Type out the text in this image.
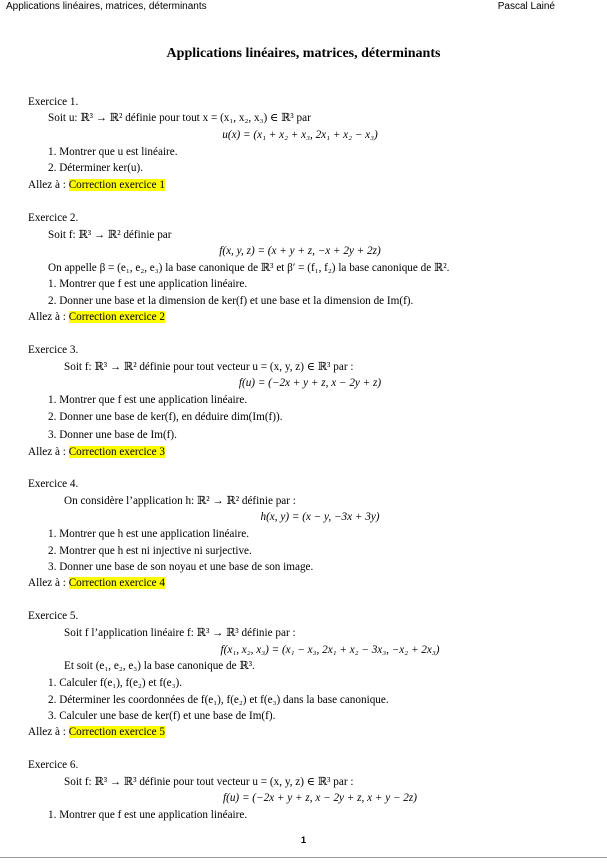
Applications linéaires, matrices, déterminants	Pascal Lainé
Applications linéaires, matrices, déterminants
Exercice 1.
Soit u: ℝ³ → ℝ² définie pour tout x = (x₁, x₂, x₃) ∈ ℝ³ par
u(x) = (x₁ + x₂ + x₃, 2x₁ + x₂ − x₃)
1. Montrer que u est linéaire.
2. Déterminer ker(u).
Allez à : Correction exercice 1
Exercice 2.
Soit f: ℝ³ → ℝ² définie par
f(x, y, z) = (x + y + z, −x + 2y + 2z)
On appelle β = (e₁, e₂, e₃) la base canonique de ℝ³ et β′ = (f₁, f₂) la base canonique de ℝ².
1. Montrer que f est une application linéaire.
2. Donner une base et la dimension de ker(f) et une base et la dimension de Im(f).
Allez à : Correction exercice 2
Exercice 3.
Soit f: ℝ³ → ℝ² définie pour tout vecteur u = (x, y, z) ∈ ℝ³ par :
f(u) = (−2x + y + z, x − 2y + z)
1. Montrer que f est une application linéaire.
2. Donner une base de ker(f), en déduire dim(Im(f)).
3. Donner une base de Im(f).
Allez à : Correction exercice 3
Exercice 4.
On considère l’application h: ℝ² → ℝ² définie par :
h(x, y) = (x − y, −3x + 3y)
1. Montrer que h est une application linéaire.
2. Montrer que h est ni injective ni surjective.
3. Donner une base de son noyau et une base de son image.
Allez à : Correction exercice 4
Exercice 5.
Soit f l’application linéaire f: ℝ³ → ℝ³ définie par :
f(x₁, x₂, x₃) = (x₁ − x₃, 2x₁ + x₂ − 3x₃, −x₂ + 2x₃)
Et soit (e₁, e₂, e₃) la base canonique de ℝ³.
1. Calculer f(e₁), f(e₂) et f(e₃).
2. Déterminer les coordonnées de f(e₁), f(e₂) et f(e₃) dans la base canonique.
3. Calculer une base de ker(f) et une base de Im(f).
Allez à : Correction exercice 5
Exercice 6.
Soit f: ℝ³ → ℝ³ définie pour tout vecteur u = (x, y, z) ∈ ℝ³ par :
f(u) = (−2x + y + z, x − 2y + z, x + y − 2z)
1. Montrer que f est une application linéaire.
1
